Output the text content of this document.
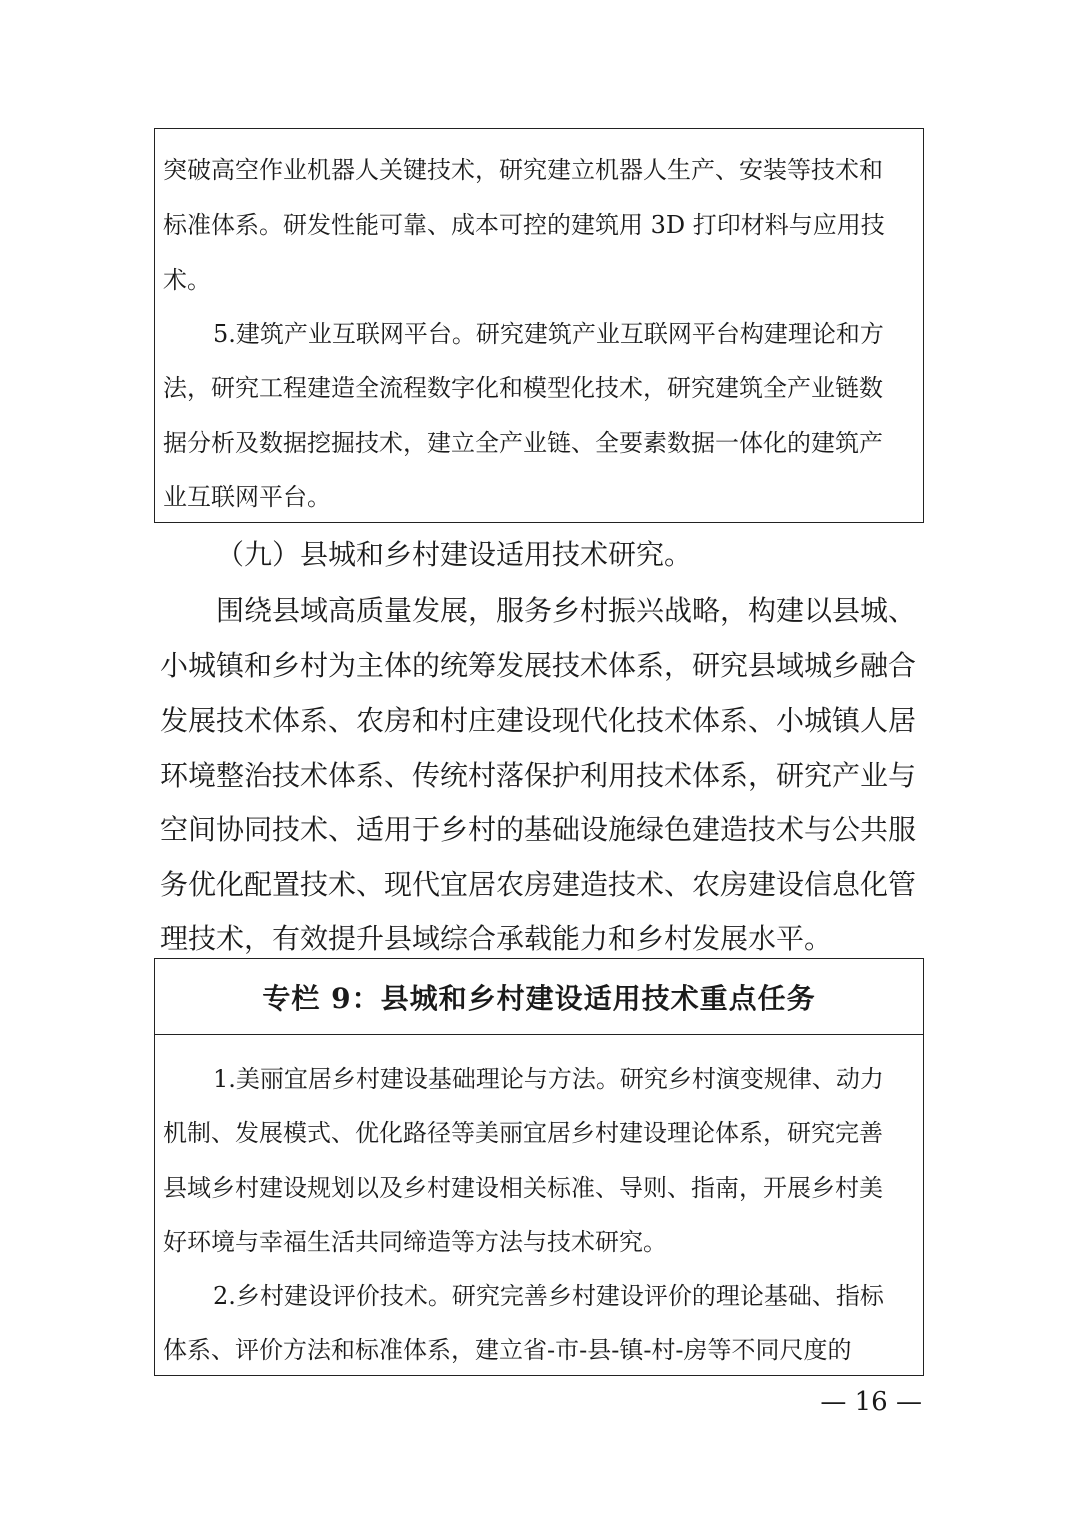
突破高空作业机器人关键技术，研究建立机器人生产、安装等技术和
标准体系。研发性能可靠、成本可控的建筑用 3D 打印材料与应用技
术。
5.建筑产业互联网平台。研究建筑产业互联网平台构建理论和方
法，研究工程建造全流程数字化和模型化技术，研究建筑全产业链数
据分析及数据挖掘技术，建立全产业链、全要素数据一体化的建筑产
业互联网平台。
（九）县城和乡村建设适用技术研究。
围绕县域高质量发展，服务乡村振兴战略，构建以县城、
小城镇和乡村为主体的统筹发展技术体系，研究县域城乡融合
发展技术体系、农房和村庄建设现代化技术体系、小城镇人居
环境整治技术体系、传统村落保护利用技术体系，研究产业与
空间协同技术、适用于乡村的基础设施绿色建造技术与公共服
务优化配置技术、现代宜居农房建造技术、农房建设信息化管
理技术，有效提升县域综合承载能力和乡村发展水平。
专栏 9：县城和乡村建设适用技术重点任务
1.美丽宜居乡村建设基础理论与方法。研究乡村演变规律、动力
机制、发展模式、优化路径等美丽宜居乡村建设理论体系，研究完善
县域乡村建设规划以及乡村建设相关标准、导则、指南，开展乡村美
好环境与幸福生活共同缔造等方法与技术研究。
2.乡村建设评价技术。研究完善乡村建设评价的理论基础、指标
体系、评价方法和标准体系，建立省-市-县-镇-村-房等不同尺度的
— 16 —
